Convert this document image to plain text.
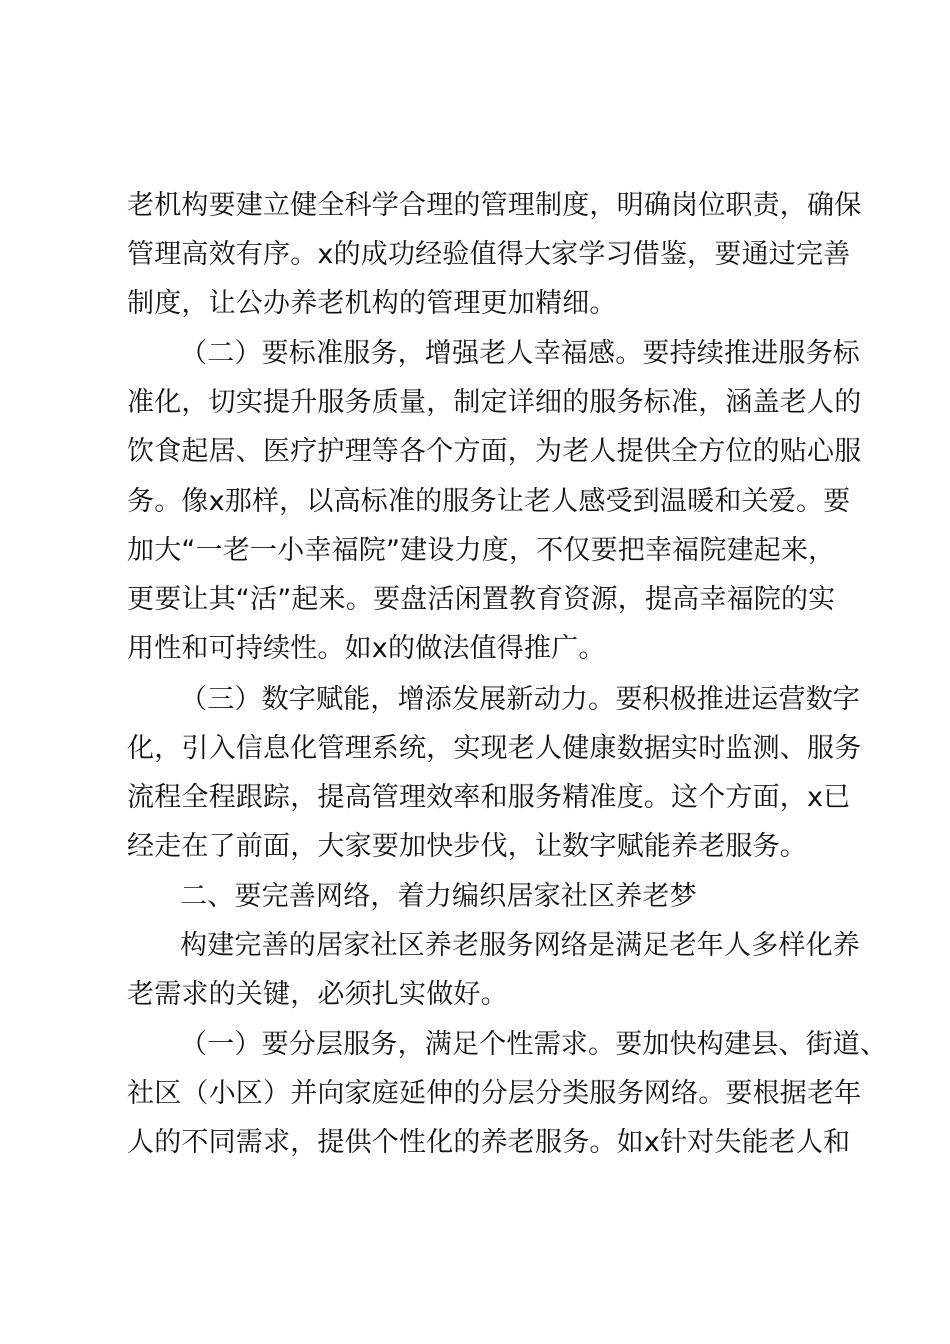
老机构要建立健全科学合理的管理制度，明确岗位职责，确保
管理高效有序。x的成功经验值得大家学习借鉴，要通过完善
制度，让公办养老机构的管理更加精细。
（二）要标准服务，增强老人幸福感。要持续推进服务标
准化，切实提升服务质量，制定详细的服务标准，涵盖老人的
饮食起居、医疗护理等各个方面，为老人提供全方位的贴心服
务。像x那样，以高标准的服务让老人感受到温暖和关爱。要
加大“一老一小幸福院”建设力度，不仅要把幸福院建起来，
更要让其“活”起来。要盘活闲置教育资源，提高幸福院的实
用性和可持续性。如x的做法值得推广。
（三）数字赋能，增添发展新动力。要积极推进运营数字
化，引入信息化管理系统，实现老人健康数据实时监测、服务
流程全程跟踪，提高管理效率和服务精准度。这个方面，x已
经走在了前面，大家要加快步伐，让数字赋能养老服务。
二、要完善网络，着力编织居家社区养老梦
构建完善的居家社区养老服务网络是满足老年人多样化养
老需求的关键，必须扎实做好。
（一）要分层服务，满足个性需求。要加快构建县、街道、
社区（小区）并向家庭延伸的分层分类服务网络。要根据老年
人的不同需求，提供个性化的养老服务。如x针对失能老人和
